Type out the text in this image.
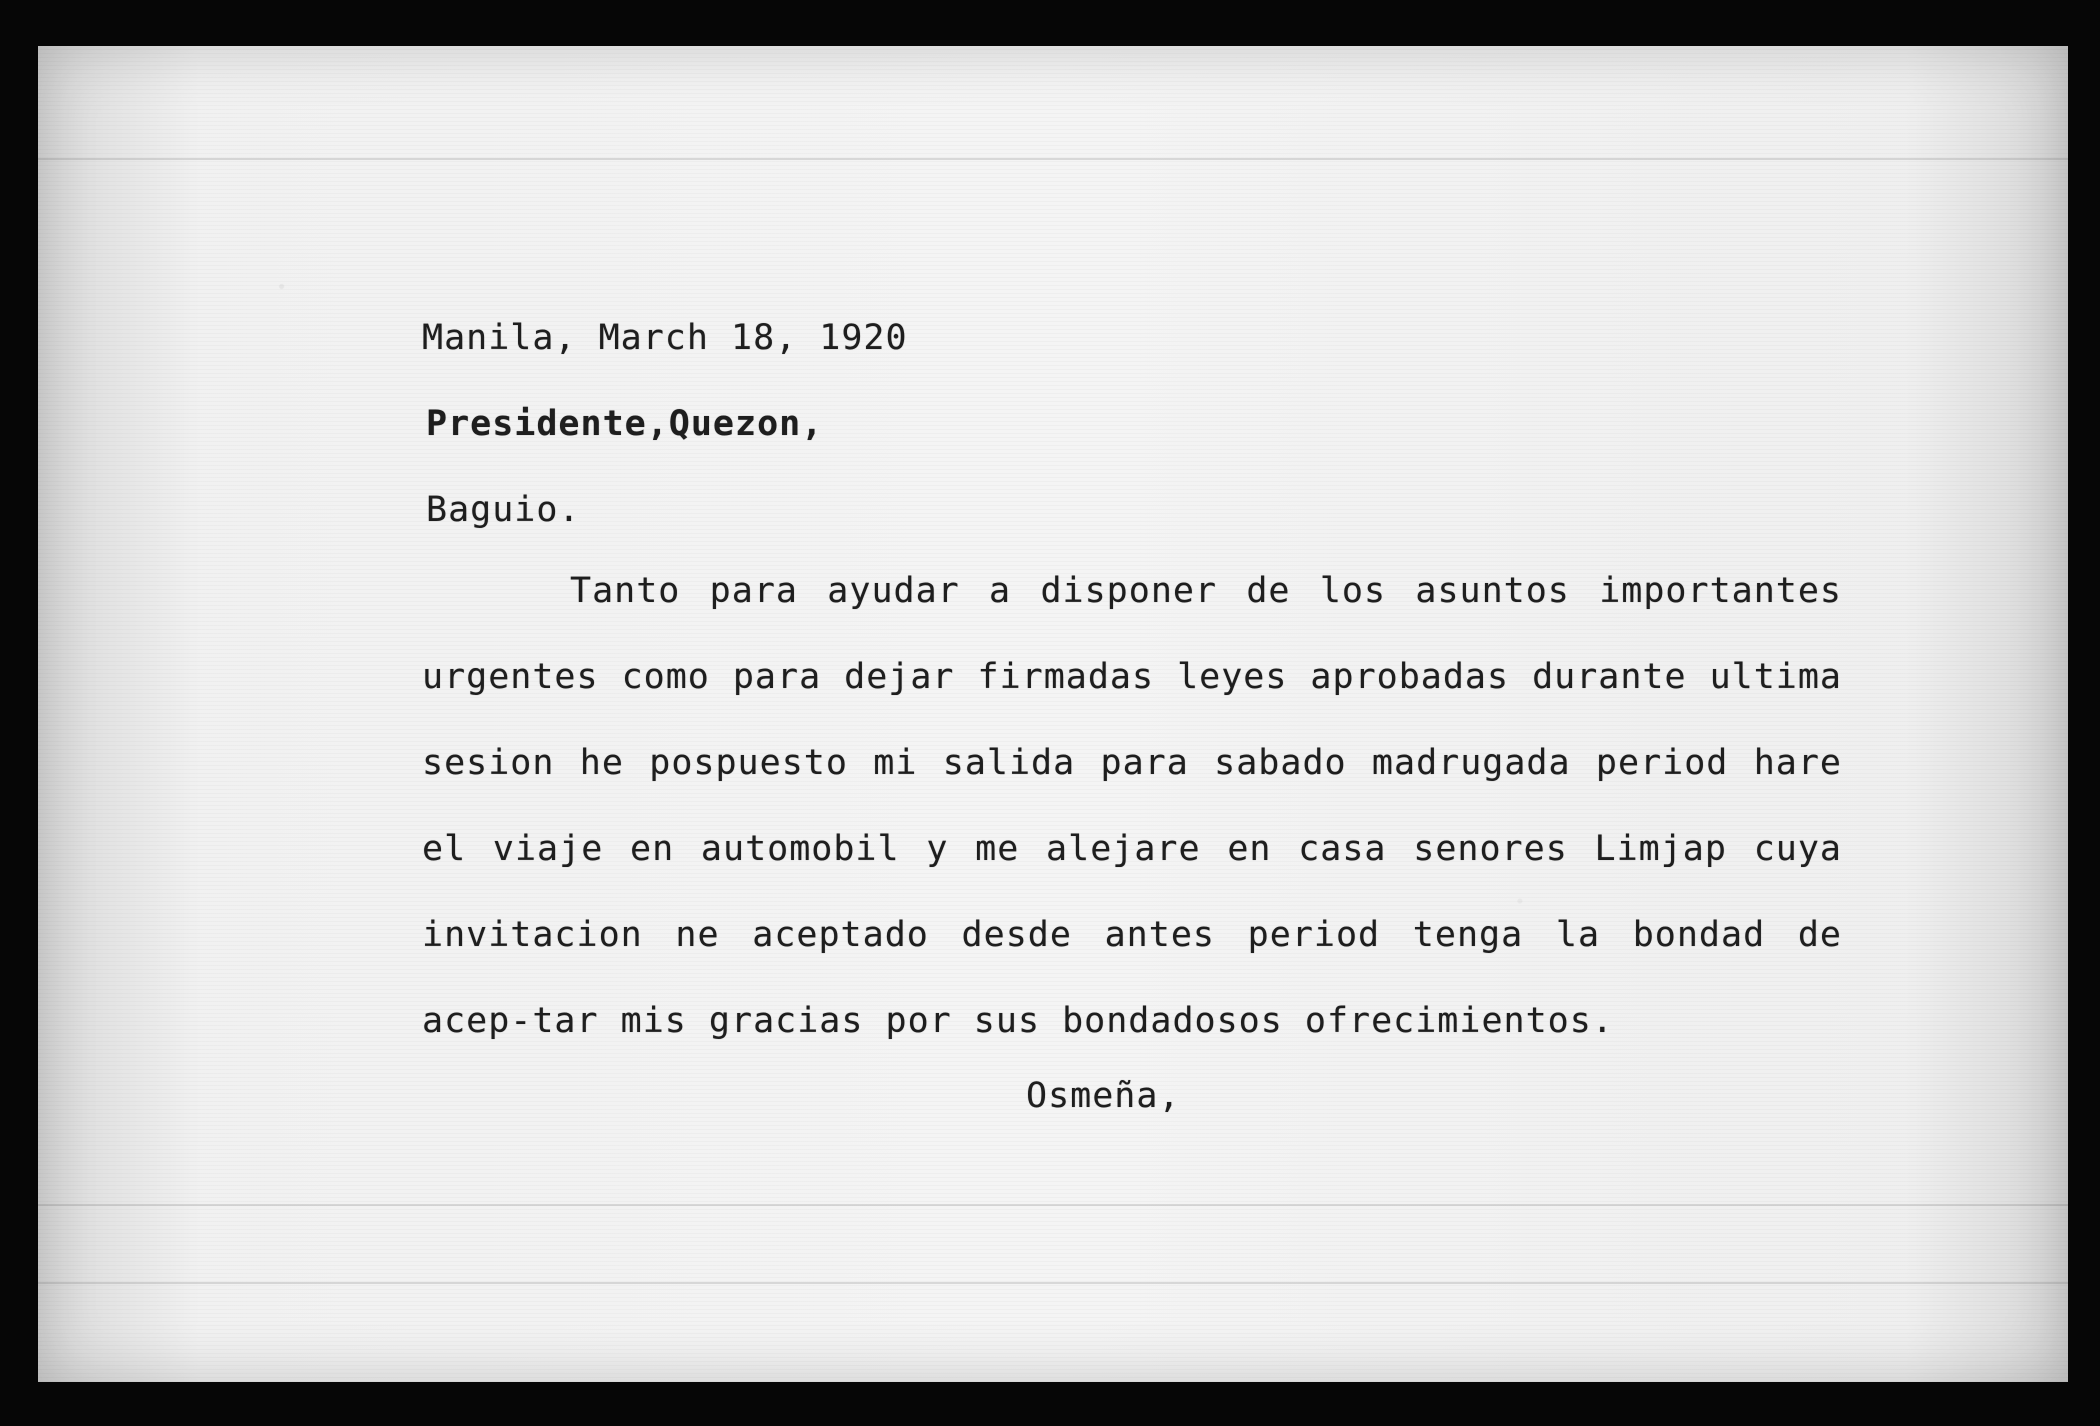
Manila, March 18, 1920

Presidente,Quezon,

Baguio.

Tanto para ayudar a disponer de los asuntos importantes urgentes como para dejar firmadas leyes aprobadas durante ultima sesion he pospuesto mi salida para sabado madrugada period hare el viaje en automobil y me alejare en casa senores Limjap cuya invitacion ne aceptado desde antes period tenga la bondad de acep-tar mis gracias por sus bondadosos ofrecimientos.

Osmeña,
